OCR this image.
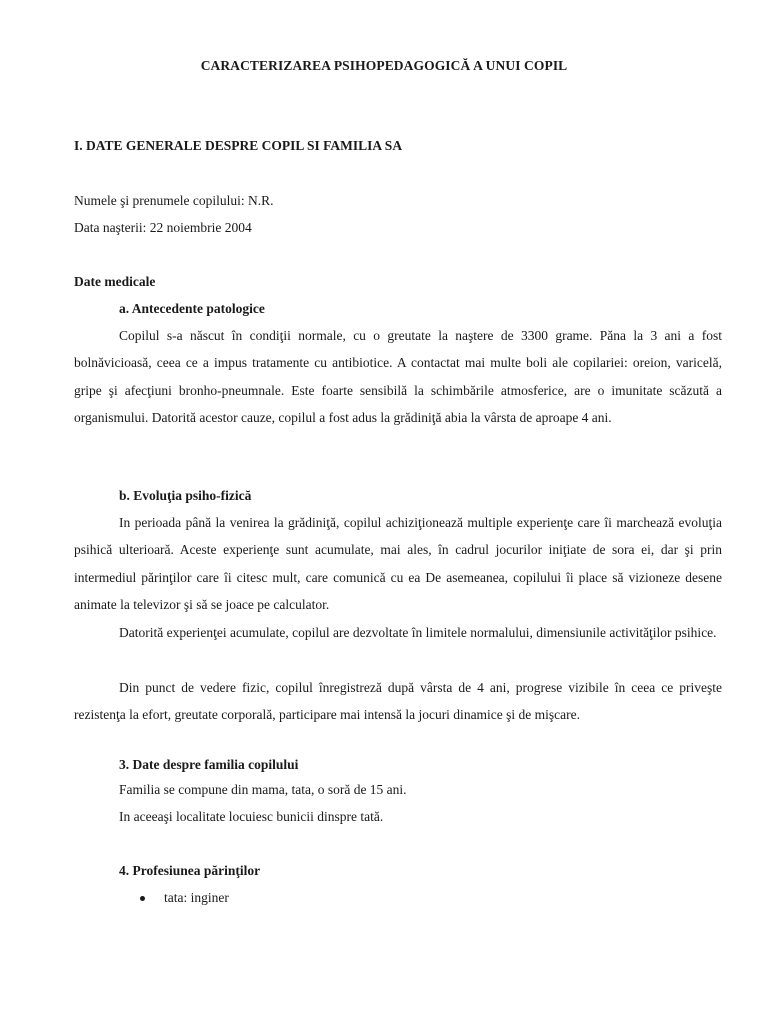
CARACTERIZAREA PSIHOPEDAGOGICĂ A UNUI COPIL
I. DATE GENERALE DESPRE COPIL SI FAMILIA SA
Numele şi prenumele copilului: N.R.
Data naşterii: 22 noiembrie 2004
Date medicale
a. Antecedente patologice
Copilul s-a născut în condiţii normale, cu o greutate la naştere de 3300 grame. Păna la 3 ani a fost bolnăvicioasă, ceea ce a impus tratamente cu antibiotice. A contactat mai multe boli ale copilariei: oreion, varicelă, gripe şi afecţiuni bronho-pneumnale. Este foarte sensibilă la schimbările atmosferice, are o imunitate scăzută a organismului. Datorită acestor cauze, copilul a fost adus la grădiniţă abia la vârsta de aproape 4 ani.
b. Evoluţia psiho-fizică
In perioada până la venirea la grădiniţă, copilul achiziţionează multiple experienţe care îi marchează evoluţia psihică ulterioară. Aceste experienţe sunt acumulate, mai ales, în cadrul jocurilor iniţiate de sora ei, dar şi prin intermediul părinţilor care îi citesc mult, care comunică cu ea De asemeanea, copilului îi place să vizioneze desene animate la televizor şi să se joace pe calculator.
Datorită experienţei acumulate, copilul are dezvoltate în limitele normalului, dimensiunile activităţilor psihice.
Din punct de vedere fizic, copilul înregistreză după vârsta de 4 ani, progrese vizibile în ceea ce priveşte rezistenţa la efort, greutate corporală, participare mai intensă la jocuri dinamice şi de mişcare.
3. Date despre familia copilului
Familia se compune din mama, tata, o soră de 15 ani.
In aceeaşi localitate locuiesc bunicii dinspre tată.
4. Profesiunea părinţilor
tata: inginer
